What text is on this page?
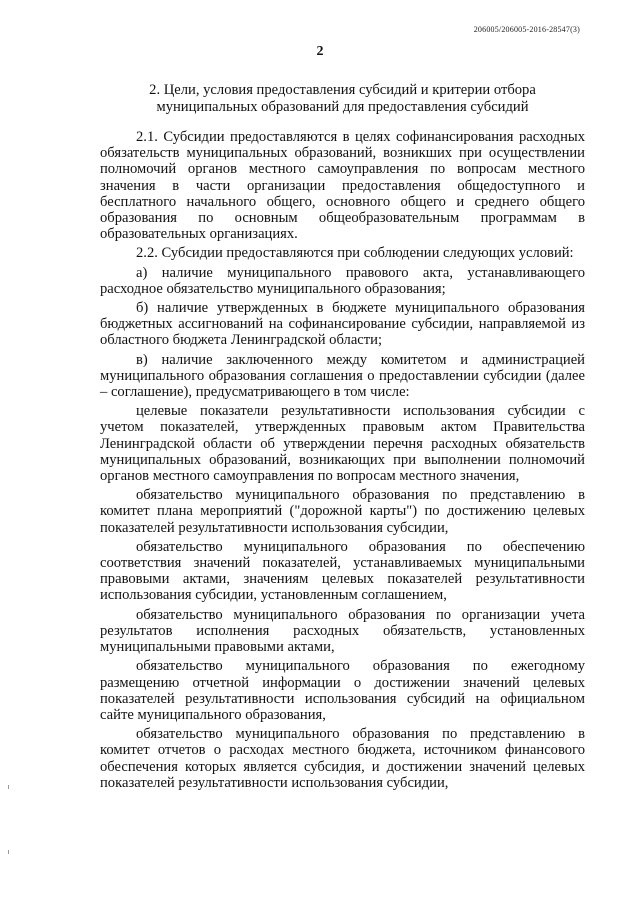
206005/206005-2016-28547(3)
2
2. Цели, условия предоставления субсидий и критерии отбора
муниципальных образований для предоставления субсидий

2.1. Субсидии предоставляются в целях софинансирования расходных обязательств муниципальных образований, возникших при осуществлении полномочий органов местного самоуправления по вопросам местного значения в части организации предоставления общедоступного и бесплатного начального общего, основного общего и среднего общего образования по основным общеобразовательным программам в образовательных организациях.

2.2. Субсидии предоставляются при соблюдении следующих условий:

а) наличие муниципального правового акта, устанавливающего расходное обязательство муниципального образования;

б) наличие утвержденных в бюджете муниципального образования бюджетных ассигнований на софинансирование субсидии, направляемой из областного бюджета Ленинградской области;

в) наличие заключенного между комитетом и администрацией муниципального образования соглашения о предоставлении субсидии (далее – соглашение), предусматривающего в том числе:

целевые показатели результативности использования субсидии с учетом показателей, утвержденных правовым актом Правительства Ленинградской области об утверждении перечня расходных обязательств муниципальных образований, возникающих при выполнении полномочий органов местного самоуправления по вопросам местного значения,

обязательство муниципального образования по представлению в комитет плана мероприятий ("дорожной карты") по достижению целевых показателей результативности использования субсидии,

обязательство муниципального образования по обеспечению соответствия значений показателей, устанавливаемых муниципальными правовыми актами, значениям целевых показателей результативности использования субсидии, установленным соглашением,

обязательство муниципального образования по организации учета результатов исполнения расходных обязательств, установленных муниципальными правовыми актами,

обязательство муниципального образования по ежегодному размещению отчетной информации о достижении значений целевых показателей результативности использования субсидий на официальном сайте муниципального образования,

обязательство муниципального образования по представлению в комитет отчетов о расходах местного бюджета, источником финансового обеспечения которых является субсидия, и достижении значений целевых показателей результативности использования субсидии,
